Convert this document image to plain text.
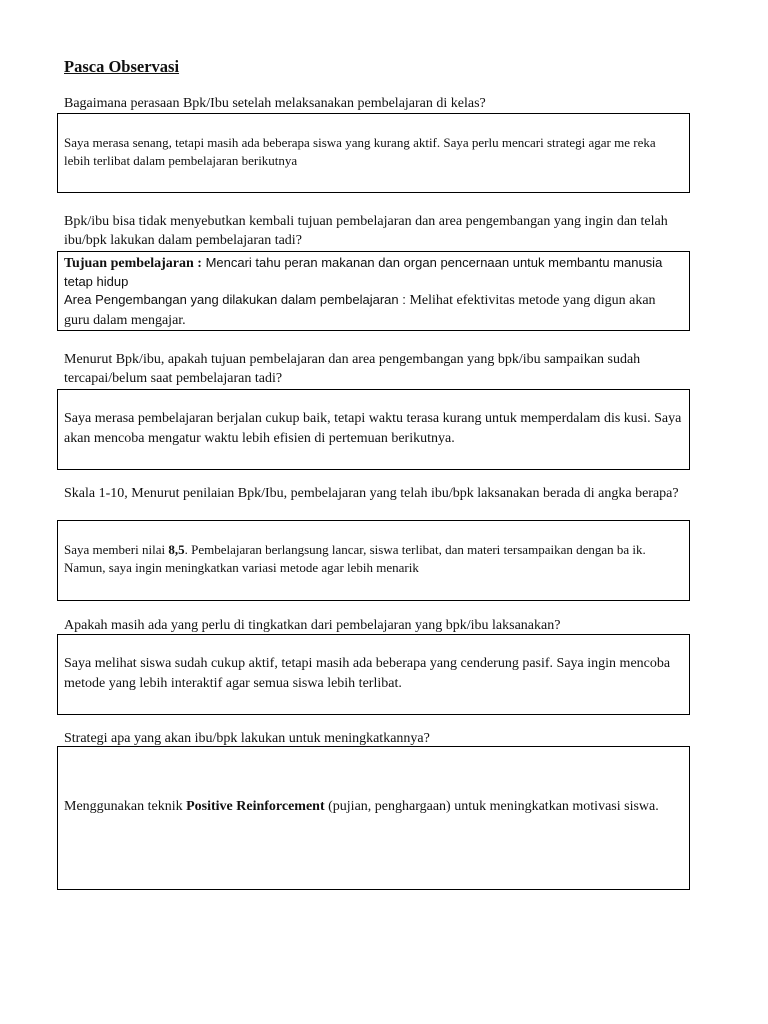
Pasca Observasi
Bagaimana perasaan Bpk/Ibu setelah melaksanakan pembelajaran di kelas?
Saya merasa senang, tetapi masih ada beberapa siswa yang kurang aktif. Saya perlu mencari strategi agar me reka lebih terlibat dalam pembelajaran berikutnya
Bpk/ibu bisa tidak menyebutkan kembali tujuan pembelajaran dan area pengembangan yang ingin dan telah ibu/bpk lakukan dalam pembelajaran tadi?
Tujuan pembelajaran : Mencari tahu peran makanan dan organ pencernaan untuk membantu manusia tetap hidup
Area Pengembangan yang dilakukan dalam pembelajaran : Melihat efektivitas metode yang digun akan guru dalam mengajar.
Menurut Bpk/ibu, apakah tujuan pembelajaran dan area pengembangan yang bpk/ibu sampaikan sudah tercapai/belum saat pembelajaran tadi?
Saya merasa pembelajaran berjalan cukup baik, tetapi waktu terasa kurang untuk memperdalam dis kusi. Saya akan mencoba mengatur waktu lebih efisien di pertemuan berikutnya.
Skala 1-10, Menurut penilaian Bpk/Ibu, pembelajaran yang telah ibu/bpk laksanakan berada di angka berapa?
Saya memberi nilai 8,5. Pembelajaran berlangsung lancar, siswa terlibat, dan materi tersampaikan dengan ba ik. Namun, saya ingin meningkatkan variasi metode agar lebih menarik
Apakah masih ada yang perlu di tingkatkan dari pembelajaran yang bpk/ibu laksanakan?
Saya melihat siswa sudah cukup aktif, tetapi masih ada beberapa yang cenderung pasif. Saya ingin mencoba metode yang lebih interaktif agar semua siswa lebih terlibat.
Strategi apa yang akan ibu/bpk lakukan untuk meningkatkannya?
Menggunakan teknik Positive Reinforcement (pujian, penghargaan) untuk meningkatkan motivasi siswa.
